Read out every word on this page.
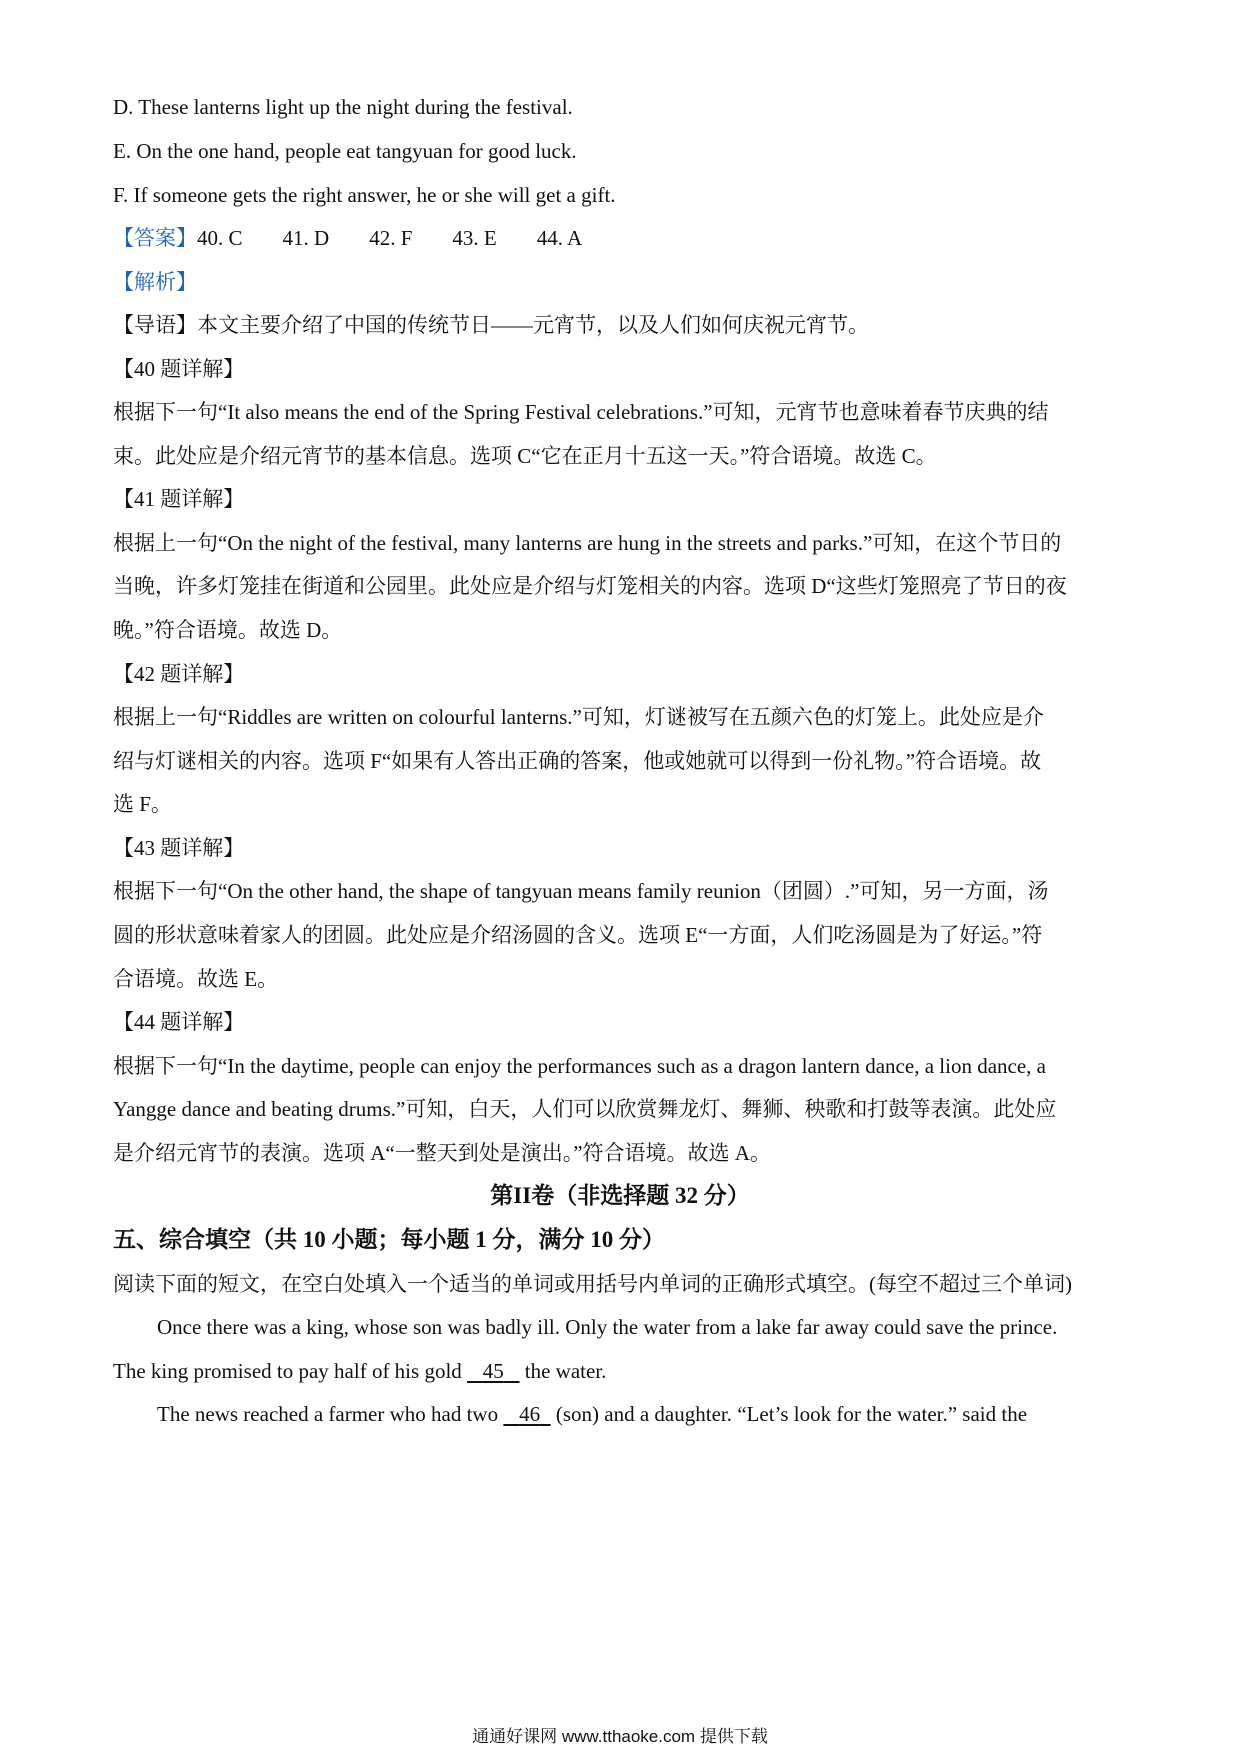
D. These lanterns light up the night during the festival.
E. On the one hand, people eat tangyuan for good luck.
F. If someone gets the right answer, he or she will get a gift.
【答案】40. C 41. D 42. F 43. E 44. A
【解析】
【导语】本文主要介绍了中国的传统节日——元宵节，以及人们如何庆祝元宵节。
【40 题详解】
根据下一句“It also means the end of the Spring Festival celebrations.”可知，元宵节也意味着春节庆典的结
束。此处应是介绍元宵节的基本信息。选项 C“它在正月十五这一天。”符合语境。故选 C。
【41 题详解】
根据上一句“On the night of the festival, many lanterns are hung in the streets and parks.”可知，在这个节日的
当晚，许多灯笼挂在街道和公园里。此处应是介绍与灯笼相关的内容。选项 D“这些灯笼照亮了节日的夜
晚。”符合语境。故选 D。
【42 题详解】
根据上一句“Riddles are written on colourful lanterns.”可知，灯谜被写在五颜六色的灯笼上。此处应是介
绍与灯谜相关的内容。选项 F“如果有人答出正确的答案，他或她就可以得到一份礼物。”符合语境。故
选 F。
【43 题详解】
根据下一句“On the other hand, the shape of tangyuan means family reunion（团圆）.”可知，另一方面，汤
圆的形状意味着家人的团圆。此处应是介绍汤圆的含义。选项 E“一方面，人们吃汤圆是为了好运。”符
合语境。故选 E。
【44 题详解】
根据下一句“In the daytime, people can enjoy the performances such as a dragon lantern dance, a lion dance, a
Yangge dance and beating drums.”可知，白天，人们可以欣赏舞龙灯、舞狮、秧歌和打鼓等表演。此处应
是介绍元宵节的表演。选项 A“一整天到处是演出。”符合语境。故选 A。
第II卷（非选择题 32 分）
五、综合填空（共 10 小题；每小题 1 分，满分 10 分）
阅读下面的短文，在空白处填入一个适当的单词或用括号内单词的正确形式填空。(每空不超过三个单词)
Once there was a king, whose son was badly ill. Only the water from a lake far away could save the prince.
The king promised to pay half of his gold    45    the water.
The news reached a farmer who had two    46   (son) and a daughter. “Let’s look for the water.” said the
通通好课网 www.tthaoke.com 提供下载
